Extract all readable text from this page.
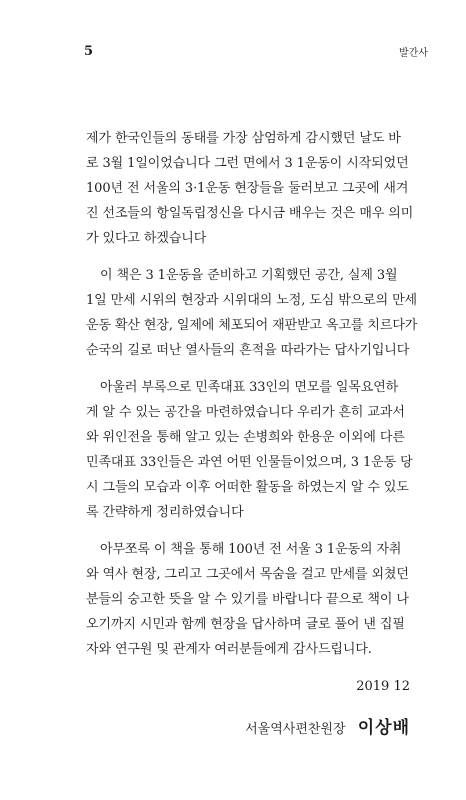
5	발간사

제가 한국인들의 동태를 가장 삼엄하게 감시했던 날도 바
로 3월 1일이었습니다 그런 면에서 3 1운동이 시작되었던
100년 전 서울의 3·1운동 현장들을 둘러보고 그곳에 새겨
진 선조들의 항일독립정신을 다시금 배우는 것은 매우 의미
가 있다고 하겠습니다

이 책은 3 1운동을 준비하고 기획했던 공간, 실제 3월
1일 만세 시위의 현장과 시위대의 노정, 도심 밖으로의 만세
운동 확산 현장, 일제에 체포되어 재판받고 옥고를 치르다가
순국의 길로 떠난 열사들의 흔적을 따라가는 답사기입니다

아울러 부록으로 민족대표 33인의 면모를 일목요연하
게 알 수 있는 공간을 마련하였습니다 우리가 흔히 교과서
와 위인전을 통해 알고 있는 손병희와 한용운 이외에 다른
민족대표 33인들은 과연 어떤 인물들이었으며, 3 1운동 당
시 그들의 모습과 이후 어떠한 활동을 하였는지 알 수 있도
록 간략하게 정리하였습니다

아무쪼록 이 책을 통해 100년 전 서울 3 1운동의 자취
와 역사 현장, 그리고 그곳에서 목숨을 걸고 만세를 외쳤던
분들의 숭고한 뜻을 알 수 있기를 바랍니다 끝으로 책이 나
오기까지 시민과 함께 현장을 답사하며 글로 풀어 낸 집필
자와 연구원 및 관계자 여러분들에게 감사드립니다.

2019 12
서울역사편찬원장 이상배
